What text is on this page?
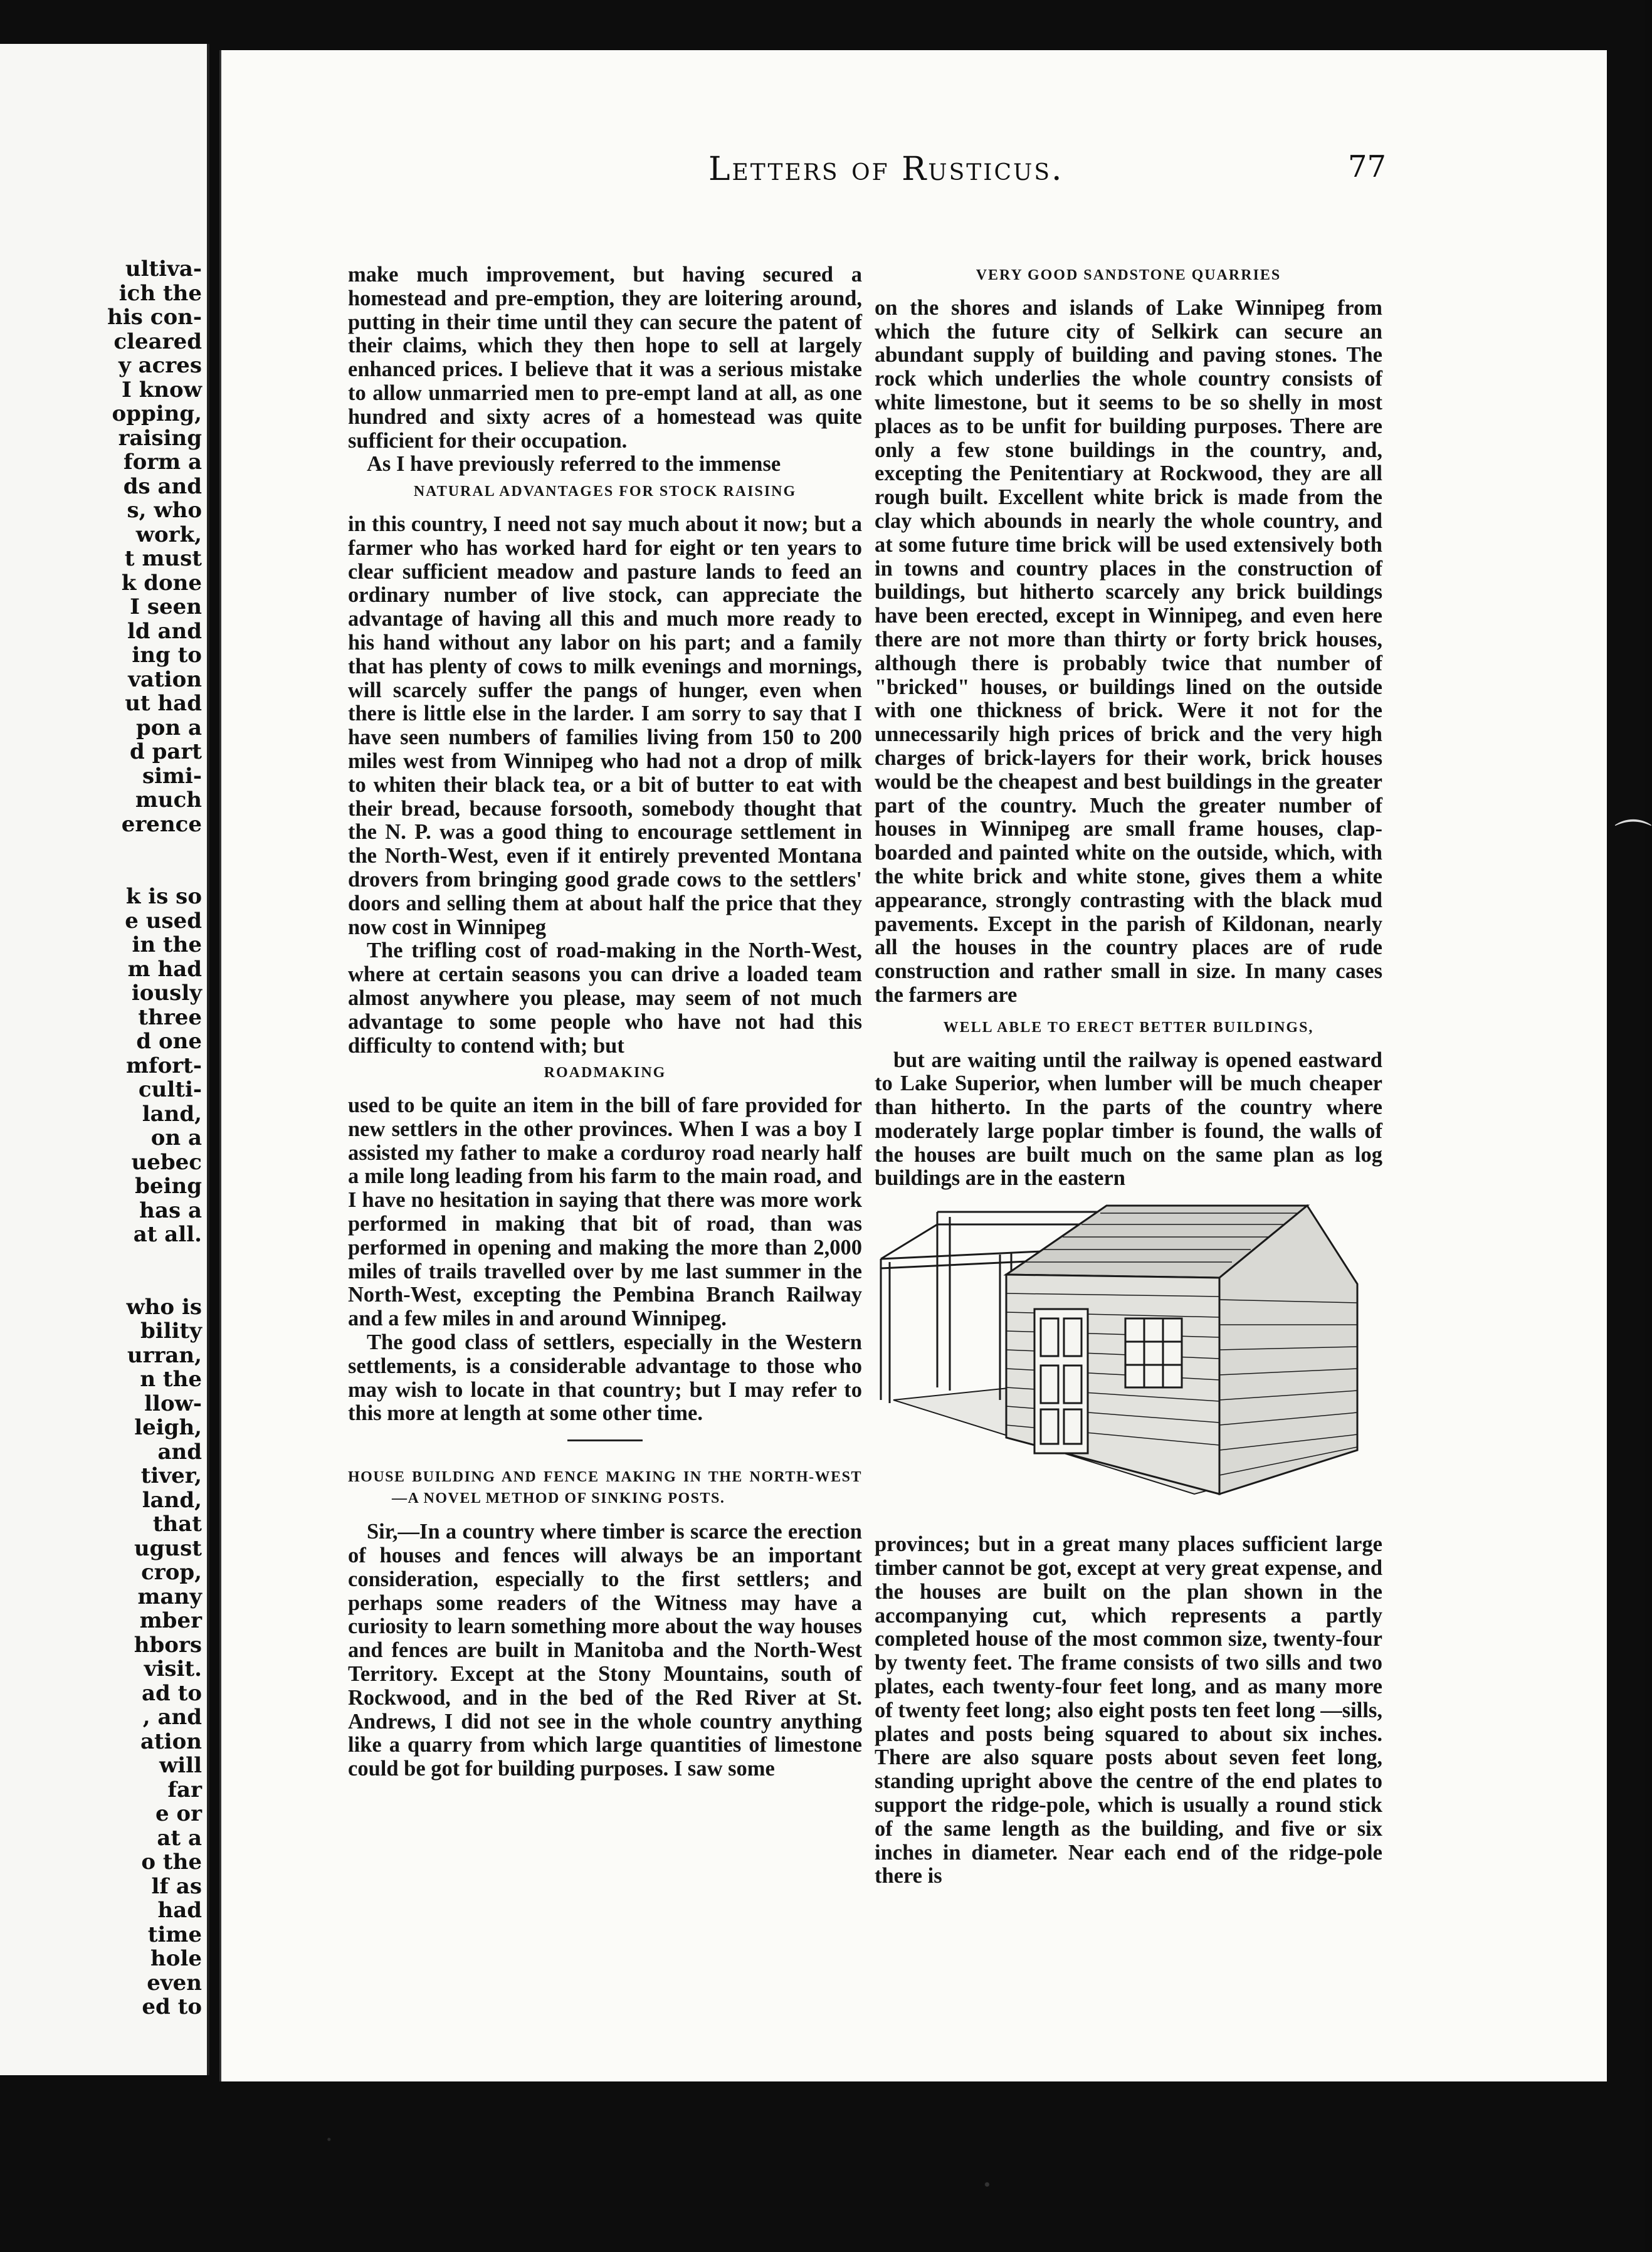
ultiva-
ich the
his con-
cleared
y acres
I know
opping,
raising
form a
ds and
s, who
work,
t must
k done
I seen
ld and
ing to
vation
ut had
pon a
d part
simi-
much
erence
k is so
e used
in the
m had
iously
three
d one
mfort-
culti-
land,
on a
uebec
being
has a
at all.
who is
bility
urran,
n the
llow-
leigh,
and
tiver,
land,
that
ugust
crop,
many
mber
hbors
visit.
ad to
, and
ation
will
far
e or
at a
o the
lf as
had
time
hole
even
ed to
Letters of Rusticus.	77

make much improvement, but having secured a homestead and pre-emption, they are loitering around, putting in their time until they can secure the patent of their claims, which they then hope to sell at largely enhanced prices. I believe that it was a serious mistake to allow unmarried men to pre-empt land at all, as one hundred and sixty acres of a homestead was quite sufficient for their occupation.

As I have previously referred to the immense

NATURAL ADVANTAGES FOR STOCK RAISING

in this country, I need not say much about it now; but a farmer who has worked hard for eight or ten years to clear sufficient meadow and pasture lands to feed an ordinary number of live stock, can appreciate the advantage of having all this and much more ready to his hand without any labor on his part; and a family that has plenty of cows to milk evenings and mornings, will scarcely suffer the pangs of hunger, even when there is little else in the larder. I am sorry to say that I have seen numbers of families living from 150 to 200 miles west from Winnipeg who had not a drop of milk to whiten their black tea, or a bit of butter to eat with their bread, because forsooth, somebody thought that the N. P. was a good thing to encourage settlement in the North-West, even if it entirely prevented Montana drovers from bringing good grade cows to the settlers' doors and selling them at about half the price that they now cost in Winnipeg

The trifling cost of road-making in the North-West, where at certain seasons you can drive a loaded team almost anywhere you please, may seem of not much advantage to some people who have not had this difficulty to contend with; but

ROADMAKING

used to be quite an item in the bill of fare provided for new settlers in the other provinces. When I was a boy I assisted my father to make a corduroy road nearly half a mile long leading from his farm to the main road, and I have no hesitation in saying that there was more work performed in making that bit of road, than was performed in opening and making the more than 2,000 miles of trails travelled over by me last summer in the North-West, excepting the Pembina Branch Railway and a few miles in and around Winnipeg.

The good class of settlers, especially in the Western settlements, is a considerable advantage to those who may wish to locate in that country; but I may refer to this more at length at some other time.

HOUSE BUILDING AND FENCE MAKING IN THE NORTH-WEST—A NOVEL METHOD OF SINKING POSTS.

Sir,—In a country where timber is scarce the erection of houses and fences will always be an important consideration, especially to the first settlers; and perhaps some readers of the Witness may have a curiosity to learn something more about the way houses and fences are built in Manitoba and the North-West Territory. Except at the Stony Mountains, south of Rockwood, and in the bed of the Red River at St. Andrews, I did not see in the whole country anything like a quarry from which large quantities of limestone could be got for building purposes. I saw some

VERY GOOD SANDSTONE QUARRIES

on the shores and islands of Lake Winnipeg from which the future city of Selkirk can secure an abundant supply of building and paving stones. The rock which underlies the whole country consists of white limestone, but it seems to be so shelly in most places as to be unfit for building purposes. There are only a few stone buildings in the country, and, excepting the Penitentiary at Rockwood, they are all rough built. Excellent white brick is made from the clay which abounds in nearly the whole country, and at some future time brick will be used extensively both in towns and country places in the construction of buildings, but hitherto scarcely any brick buildings have been erected, except in Winnipeg, and even here there are not more than thirty or forty brick houses, although there is probably twice that number of "bricked" houses, or buildings lined on the outside with one thickness of brick. Were it not for the unnecessarily high prices of brick and the very high charges of brick-layers for their work, brick houses would be the cheapest and best buildings in the greater part of the country. Much the greater number of houses in Winnipeg are small frame houses, clap-boarded and painted white on the outside, which, with the white brick and white stone, gives them a white appearance, strongly contrasting with the black mud pavements. Except in the parish of Kildonan, nearly all the houses in the country places are of rude construction and rather small in size. In many cases the farmers are

WELL ABLE TO ERECT BETTER BUILDINGS,

but are waiting until the railway is opened eastward to Lake Superior, when lumber will be much cheaper than hitherto. In the parts of the country where moderately large poplar timber is found, the walls of the houses are built much on the same plan as log buildings are in the eastern

provinces; but in a great many places sufficient large timber cannot be got, except at very great expense, and the houses are built on the plan shown in the accompanying cut, which represents a partly completed house of the most common size, twenty-four by twenty feet. The frame consists of two sills and two plates, each twenty-four feet long, and as many more of twenty feet long; also eight posts ten feet long —sills, plates and posts being squared to about six inches. There are also square posts about seven feet long, standing upright above the centre of the end plates to support the ridge-pole, which is usually a round stick of the same length as the building, and five or six inches in diameter. Near each end of the ridge-pole there is

⌒
